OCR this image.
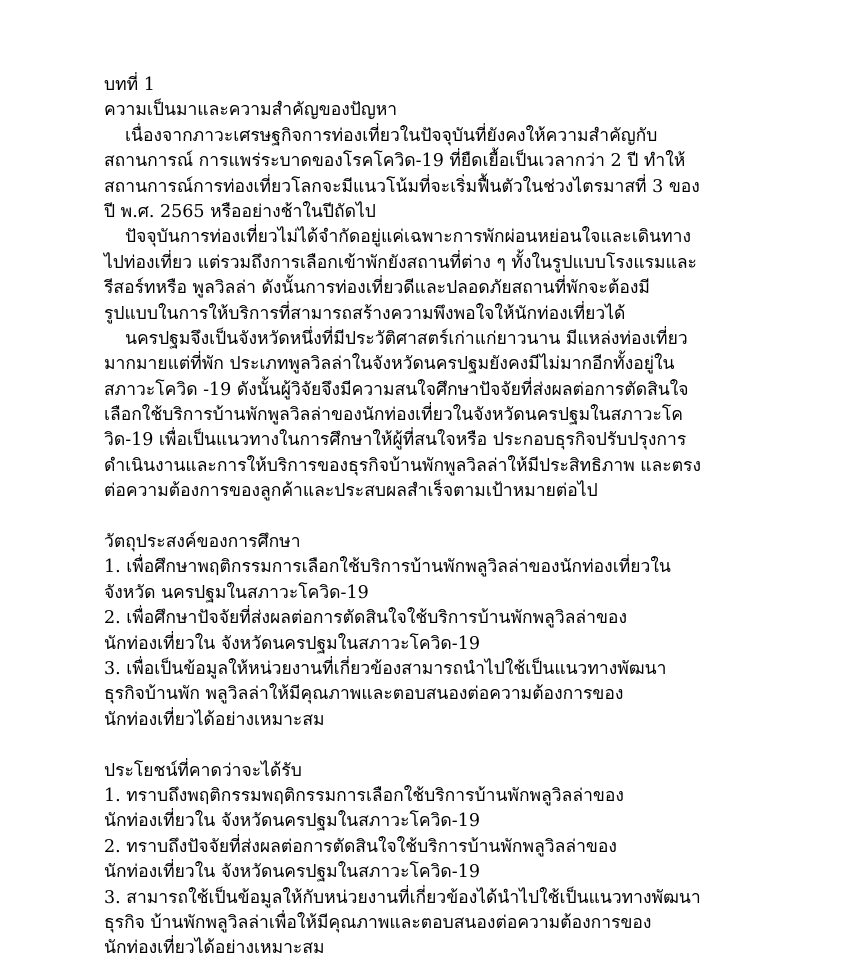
บทที่ 1
ความเป็นมาและความสำคัญของปัญหา
เนื่องจากภาวะเศรษฐกิจการท่องเที่ยวในปัจจุบันที่ยังคงให้ความสำคัญกับ
สถานการณ์ การแพร่ระบาดของโรคโควิด-19 ที่ยืดเยื้อเป็นเวลากว่า 2 ปี ทำให้
สถานการณ์การท่องเที่ยวโลกจะมีแนวโน้มที่จะเริ่มฟื้นตัวในช่วงไตรมาสที่ 3 ของ
ปี พ.ศ. 2565 หรืออย่างช้าในปีถัดไป
ปัจจุบันการท่องเที่ยวไม่ได้จำกัดอยู่แค่เฉพาะการพักผ่อนหย่อนใจและเดินทาง
ไปท่องเที่ยว แต่รวมถึงการเลือกเข้าพักยังสถานที่ต่าง ๆ ทั้งในรูปแบบโรงแรมและ
รีสอร์ทหรือ พูลวิลล่า ดังนั้นการท่องเที่ยวดีและปลอดภัยสถานที่พักจะต้องมี
รูปแบบในการให้บริการที่สามารถสร้างความพึงพอใจให้นักท่องเที่ยวได้
นครปฐมจึงเป็นจังหวัดหนึ่งที่มีประวัติศาสตร์เก่าแก่ยาวนาน มีแหล่งท่องเที่ยว
มากมายแต่ที่พัก ประเภทพูลวิลล่าในจังหวัดนครปฐมยังคงมีไม่มากอีกทั้งอยู่ใน
สภาวะโควิด -19 ดังนั้นผู้วิจัยจึงมีความสนใจศึกษาปัจจัยที่ส่งผลต่อการตัดสินใจ
เลือกใช้บริการบ้านพักพูลวิลล่าของนักท่องเที่ยวในจังหวัดนครปฐมในสภาวะโค
วิด-19 เพื่อเป็นแนวทางในการศึกษาให้ผู้ที่สนใจหรือ ประกอบธุรกิจปรับปรุงการ
ดำเนินงานและการให้บริการของธุรกิจบ้านพักพูลวิลล่าให้มีประสิทธิภาพ และตรง
ต่อความต้องการของลูกค้าและประสบผลสำเร็จตามเป้าหมายต่อไป
วัตถุประสงค์ของการศึกษา
1. เพื่อศึกษาพฤติกรรมการเลือกใช้บริการบ้านพักพลูวิลล่าของนักท่องเที่ยวใน
จังหวัด นครปฐมในสภาวะโควิด-19
2. เพื่อศึกษาปัจจัยที่ส่งผลต่อการตัดสินใจใช้บริการบ้านพักพลูวิลล่าของ
นักท่องเที่ยวใน จังหวัดนครปฐมในสภาวะโควิด-19
3. เพื่อเป็นข้อมูลให้หน่วยงานที่เกี่ยวข้องสามารถนำไปใช้เป็นแนวทางพัฒนา
ธุรกิจบ้านพัก พลูวิลล่าให้มีคุณภาพและตอบสนองต่อความต้องการของ
นักท่องเที่ยวได้อย่างเหมาะสม
ประโยชน์ที่คาดว่าจะได้รับ
1. ทราบถึงพฤติกรรมพฤติกรรมการเลือกใช้บริการบ้านพักพลูวิลล่าของ
นักท่องเที่ยวใน จังหวัดนครปฐมในสภาวะโควิด-19
2. ทราบถึงปัจจัยที่ส่งผลต่อการตัดสินใจใช้บริการบ้านพักพลูวิลล่าของ
นักท่องเที่ยวใน จังหวัดนครปฐมในสภาวะโควิด-19
3. สามารถใช้เป็นข้อมูลให้กับหน่วยงานที่เกี่ยวข้องได้นำไปใช้เป็นแนวทางพัฒนา
ธุรกิจ บ้านพักพลูวิลล่าเพื่อให้มีคุณภาพและตอบสนองต่อความต้องการของ
นักท่องเที่ยวได้อย่างเหมาะสม
